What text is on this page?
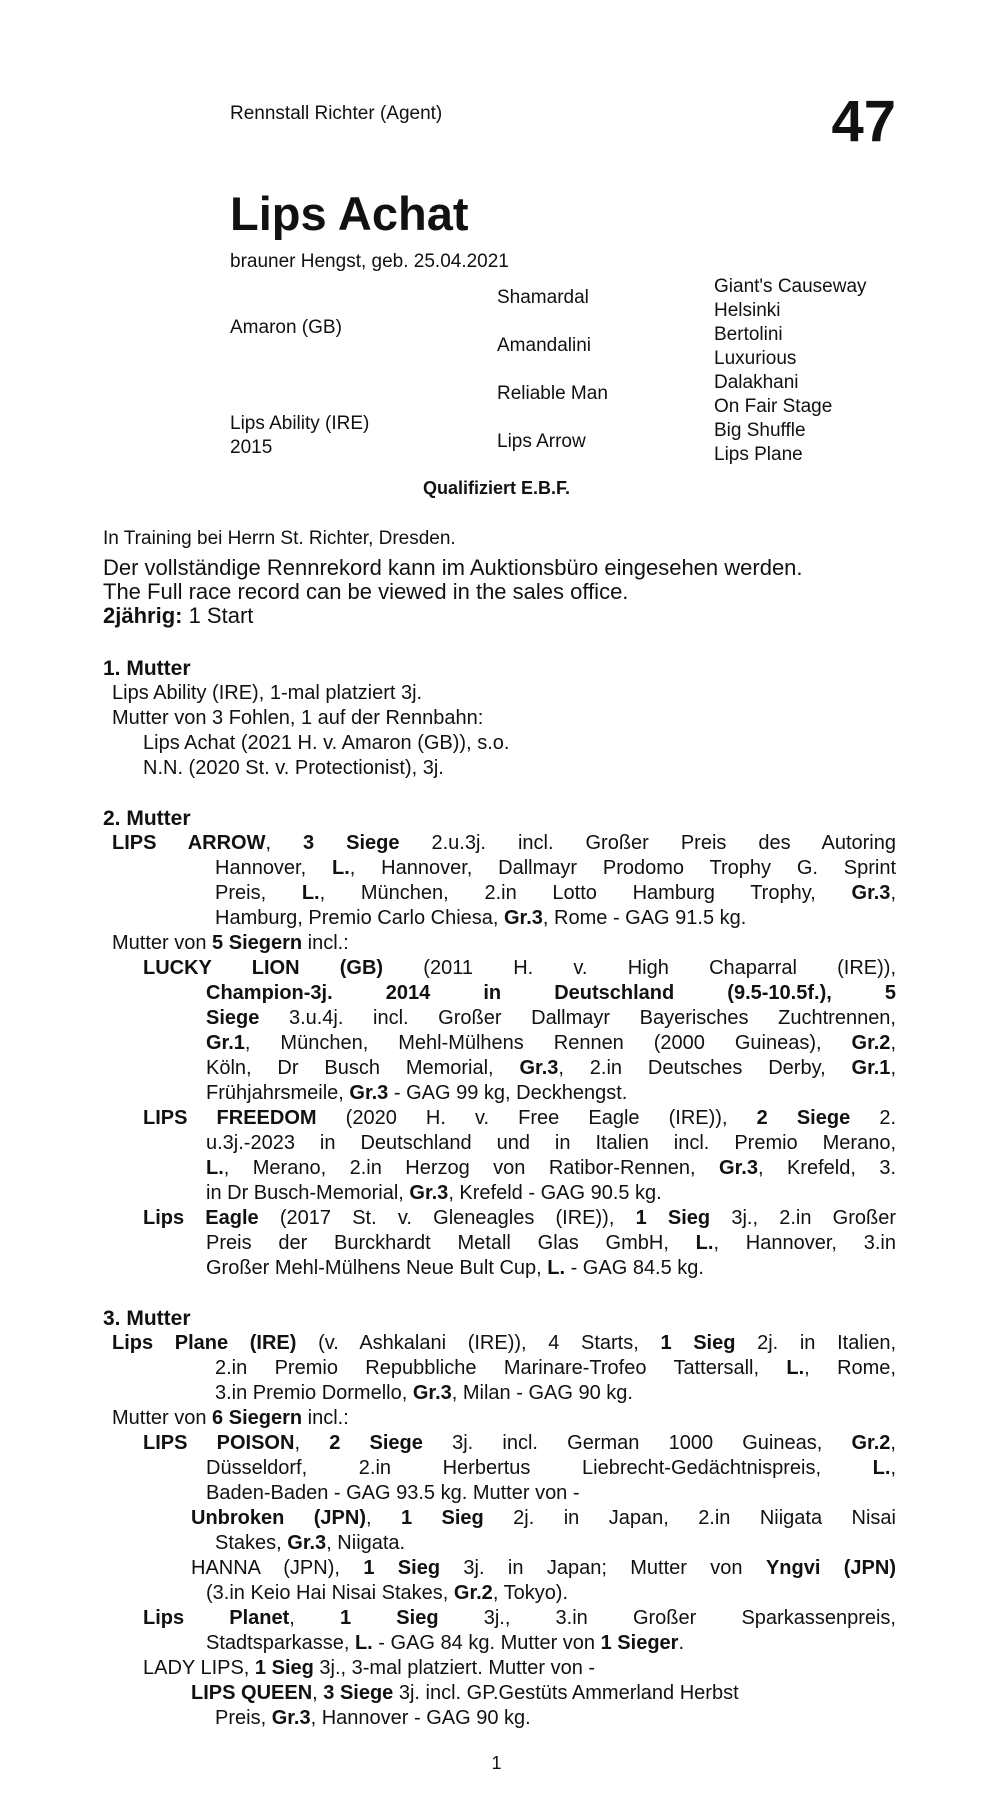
Rennstall Richter (Agent)	47
Lips Achat
brauner Hengst, geb. 25.04.2021
Amaron (GB)
Lips Ability (IRE)
2015
Shamardal
Amandalini
Reliable Man
Lips Arrow
Giant's Causeway
Helsinki
Bertolini
Luxurious
Dalakhani
On Fair Stage
Big Shuffle
Lips Plane
Qualifiziert E.B.F.
In Training bei Herrn St. Richter, Dresden.
Der vollständige Rennrekord kann im Auktionsbüro eingesehen werden.
The Full race record can be viewed in the sales office.
2jährig: 1 Start
1. Mutter
Lips Ability (IRE), 1-mal platziert 3j.
Mutter von 3 Fohlen, 1 auf der Rennbahn:
Lips Achat (2021 H. v. Amaron (GB)), s.o.
N.N. (2020 St. v. Protectionist), 3j.
2. Mutter
LIPS ARROW, 3 Siege 2.u.3j. incl. Großer Preis des Autoring
Hannover, L., Hannover, Dallmayr Prodomo Trophy G. Sprint
Preis, L., München, 2.in Lotto Hamburg Trophy, Gr.3,
Hamburg, Premio Carlo Chiesa, Gr.3, Rome - GAG 91.5 kg.
Mutter von 5 Siegern incl.:
LUCKY LION (GB) (2011 H. v. High Chaparral (IRE)),
Champion-3j. 2014 in Deutschland (9.5-10.5f.), 5
Siege 3.u.4j. incl. Großer Dallmayr Bayerisches Zuchtrennen,
Gr.1, München, Mehl-Mülhens Rennen (2000 Guineas), Gr.2,
Köln, Dr Busch Memorial, Gr.3, 2.in Deutsches Derby, Gr.1,
Frühjahrsmeile, Gr.3 - GAG 99 kg, Deckhengst.
LIPS FREEDOM (2020 H. v. Free Eagle (IRE)), 2 Siege 2.
u.3j.-2023 in Deutschland und in Italien incl. Premio Merano,
L., Merano, 2.in Herzog von Ratibor-Rennen, Gr.3, Krefeld, 3.
in Dr Busch-Memorial, Gr.3, Krefeld - GAG 90.5 kg.
Lips Eagle (2017 St. v. Gleneagles (IRE)), 1 Sieg 3j., 2.in Großer
Preis der Burckhardt Metall Glas GmbH, L., Hannover, 3.in
Großer Mehl-Mülhens Neue Bult Cup, L. - GAG 84.5 kg.
3. Mutter
Lips Plane (IRE) (v. Ashkalani (IRE)), 4 Starts, 1 Sieg 2j. in Italien,
2.in Premio Repubbliche Marinare-Trofeo Tattersall, L., Rome,
3.in Premio Dormello, Gr.3, Milan - GAG 90 kg.
Mutter von 6 Siegern incl.:
LIPS POISON, 2 Siege 3j. incl. German 1000 Guineas, Gr.2,
Düsseldorf, 2.in Herbertus Liebrecht-Gedächtnispreis, L.,
Baden-Baden - GAG 93.5 kg. Mutter von -
Unbroken (JPN), 1 Sieg 2j. in Japan, 2.in Niigata Nisai
Stakes, Gr.3, Niigata.
HANNA (JPN), 1 Sieg 3j. in Japan; Mutter von Yngvi (JPN)
(3.in Keio Hai Nisai Stakes, Gr.2, Tokyo).
Lips Planet, 1 Sieg 3j., 3.in Großer Sparkassenpreis,
Stadtsparkasse, L. - GAG 84 kg. Mutter von 1 Sieger.
LADY LIPS, 1 Sieg 3j., 3-mal platziert. Mutter von -
LIPS QUEEN, 3 Siege 3j. incl. GP.Gestüts Ammerland Herbst
Preis, Gr.3, Hannover - GAG 90 kg.
1
